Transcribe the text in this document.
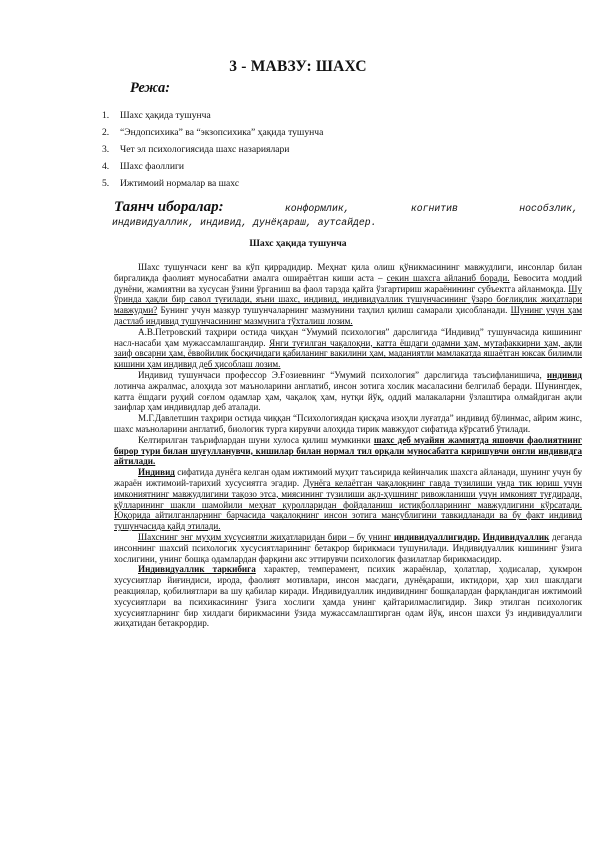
3 - МАВЗУ: ШАХС
Режа:
1. Шахс ҳақида тушунча
2. “Эндопсихика” ва “экзопсихика” ҳақида тушунча
3. Чет эл психологиясида шахс назариялари
4. Шахс фаоллиги
5. Ижтимоий нормалар ва шахс
Таянч иборалар:	конформлик,	когнитив	нособзлик,
индивидуаллик, индивид, дунёқараш, аутсайдер.
Шахс ҳақида тушунча

Шахс тушунчаси кенг ва кўп қиррадидир. Меҳнат қила олиш қўникмасининг мавжудлиги, инсонлар билан биргаликда фаолият муносабатни амалга ошираётган киши аста – секин шахсга айланиб боради. Бевосита моддий дунёни, жамиятни ва хусусан ўзини ўрганиш ва фаол тарзда қайта ўзгартириш жараёнининг субъектга айланмоқда. Шу ўринда ҳақли бир савол туғилади, яъни шахс, индивид, индивидуаллик тушунчасининг ўзаро боғлиқлик жиҳатлари мавжудми? Бунинг учун мазкур тушунчаларнинг мазмунини таҳлил қилиш самарали ҳисобланади. Шунинг учун ҳам дастлаб индивид тушунчасининг мазмунига тўхталиш лозим.

А.В.Петровский таҳрири остида чиқҳан “Умумий психология” дарслигида “Индивид” тушунчасида кишининг насл-насаби ҳам мужассамлашгандир. Янги туғилган чақалоқни, катта ёшдаги одамни ҳам, мутафаккирни ҳам, ақли заиф овсарни ҳам, ёввойилик босқичидаги қабиланинг вакилини ҳам, маданиятли мамлакатда яшаётган юксак билимли кишини ҳам индивид деб ҳисоблаш лозим.

Индивид тушунчаси профессор Э.Ғозиевнинг “Умумий психология” дарслигида таъсифланишича, индивид лотинча ажралмас, алоҳида зот маъноларини англатиб, инсон зотига хослик масаласини белгилаб беради. Шунингдек, катта ёшдаги руҳий соғлом одамлар ҳам, чақалоқ ҳам, нутқи йўқ, оддий малакаларни ўзлаштира олмайдиган ақли заифлар ҳам индивидлар деб аталади.

М.Г.Давлетшин таҳрири остида чиққан “Психологиядан қисқача изоҳли луғатда” индивид бўлинмас, айрим жинс, шахс маъноларини англатиб, биологик турга кирувчи алоҳида тирик мавжудот сифатида кўрсатиб ўтилади.

Келтирилган таърифлардан шуни хулоса қилиш мумкинки шахс деб муайян жамиятда яшовчи фаолиятнинг бирор тури билан шуғулланувчи, кишилар билан нормал тил орқали муносабатга киришувчи онгли индивидга айтилади.

Индивид сифатида дунёга келган одам ижтимоий муҳит таъсирида кейинчалик шахсга айланади, шунинг учун бу жараён ижтимоий-тарихий хусусиятга эгадир. Дунёга келаётган чақалоқнинг гавда тузилиши унда тик юриш учун имкониятнинг мавжудлигини тақозо этса, миясининг тузилиши ақл-ҳушнинг ривожланиши учун имконият туғдиради, қўлларининг шакли шамойили меҳнат қуролларидан фойдаланиш истиқболларининг мавжудлигини кўрсатади. Юқорида айтилганларнинг барчасида чақалоқнинг инсон зотига мансублигини тавкидланади ва бу факт индивид тушунчасида қайд этилади.

Шахснинг энг муҳим хусусиятли жиҳатларидан бири – бу унинг индивидуаллигидир. Индивидуаллик деганда инсоннинг шахсий психологик хусусиятларининг бетакрор бирикмаси тушунилади. Индивидуаллик кишининг ўзига хослигини, унинг бошқа одамлардан фарқини акс эттирувчи психологик фазилатлар бирикмасидир.

Индивидуаллик таркибига характер, темперамент, психик жараёнлар, ҳолатлар, ҳодисалар, ҳукмрон хусусиятлар йиғиндиси, ирода, фаолият мотивлари, инсон масдаги, дунёқараши, иктидори, ҳар хил шаклдаги реакциялар, қобилиятлари ва шу қабилар киради. Индивидуаллик индивиднинг бошқалардан фарқландиган ижтимоий хусусиятлари ва психикасининг ўзига хослиги ҳамда унинг қайтарилмаслигидир. Зикр этилган психологик хусусиятларнинг бир хилдаги бирикмасини ўзида мужассамлаштирган одам йўқ, инсон шахси ўз индивидуаллиги жиҳатидан бетакрордир.
